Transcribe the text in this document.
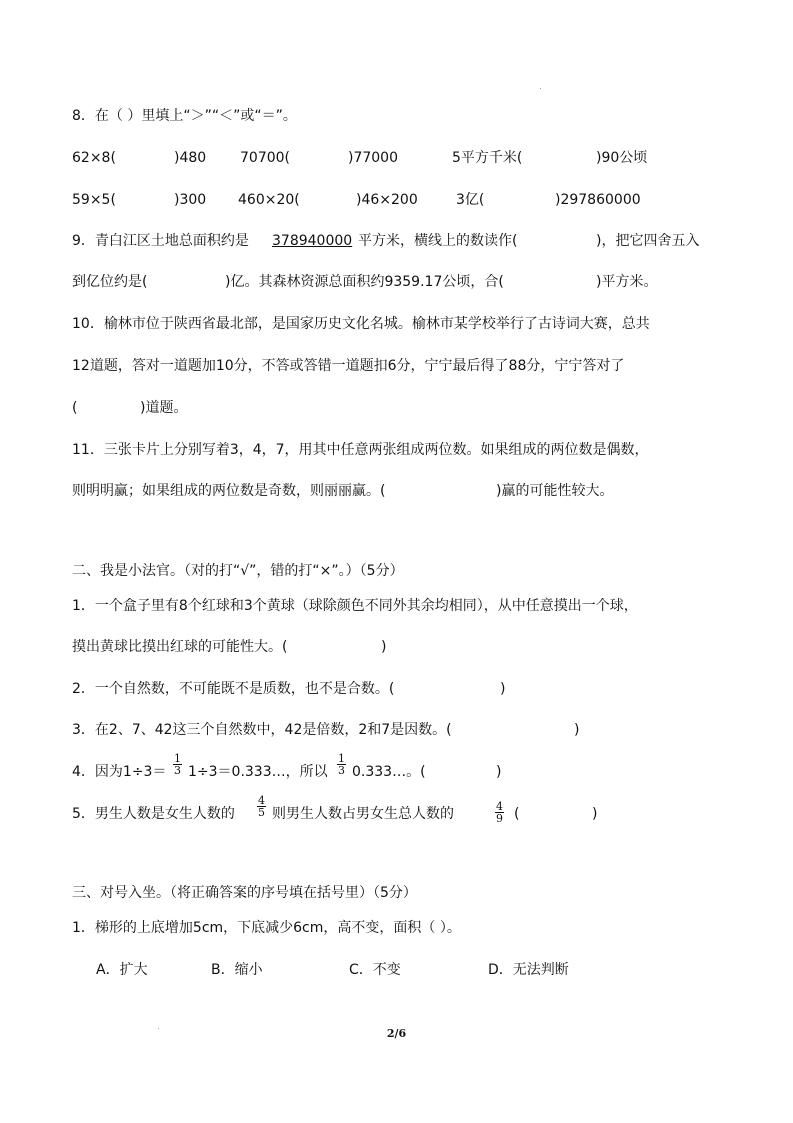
8．在（ ）里填上“＞”“＜”或“＝”。
62×8(	)480 70700(	)77000	5平方千米(	)90公顷
59×5(	)300 460×20(	)46×200	3亿(	)297860000
9．青白江区土地总面积约是 378940000 平方米，横线上的数读作(	)，把它四舍五入
到亿位约是(	)亿。其森林资源总面积约9359.17公顷，合(	)平方米。
10．榆林市位于陕西省最北部，是国家历史文化名城。榆林市某学校举行了古诗词大赛，总共
12道题，答对一道题加10分，不答或答错一道题扣6分，宁宁最后得了88分，宁宁答对了
(	)道题。
11．三张卡片上分别写着3，4，7，用其中任意两张组成两位数。如果组成的两位数是偶数，
则明明赢；如果组成的两位数是奇数，则丽丽赢。(	)赢的可能性较大。
二、我是小法官。（对的打“√”，错的打“×”。）（5分）
1．一个盒子里有8个红球和3个黄球（球除颜色不同外其余均相同），从中任意摸出一个球，
摸出黄球比摸出红球的可能性大。(	)
2．一个自然数，不可能既不是质数，也不是合数。(	)
3．在2、7、42这三个自然数中，42是倍数，2和7是因数。(	)
4．因为$1\div 3= \frac{1}{3}$ 1÷3＝0.333…，所以 $\frac{1}{3}$ 0.333…。(	)
5．男生人数是女生人数的 $\frac{4}{5}$ 则男生人数占男女生总人数的	$\frac{4}{9}$ (	)
三、对号入坐。（将正确答案的序号填在括号里）（5分）
1．梯形的上底增加5cm，下底减少6cm，高不变，面积（ ）。
A．扩大	B．缩小	C．不变	D．无法判断
2/6
